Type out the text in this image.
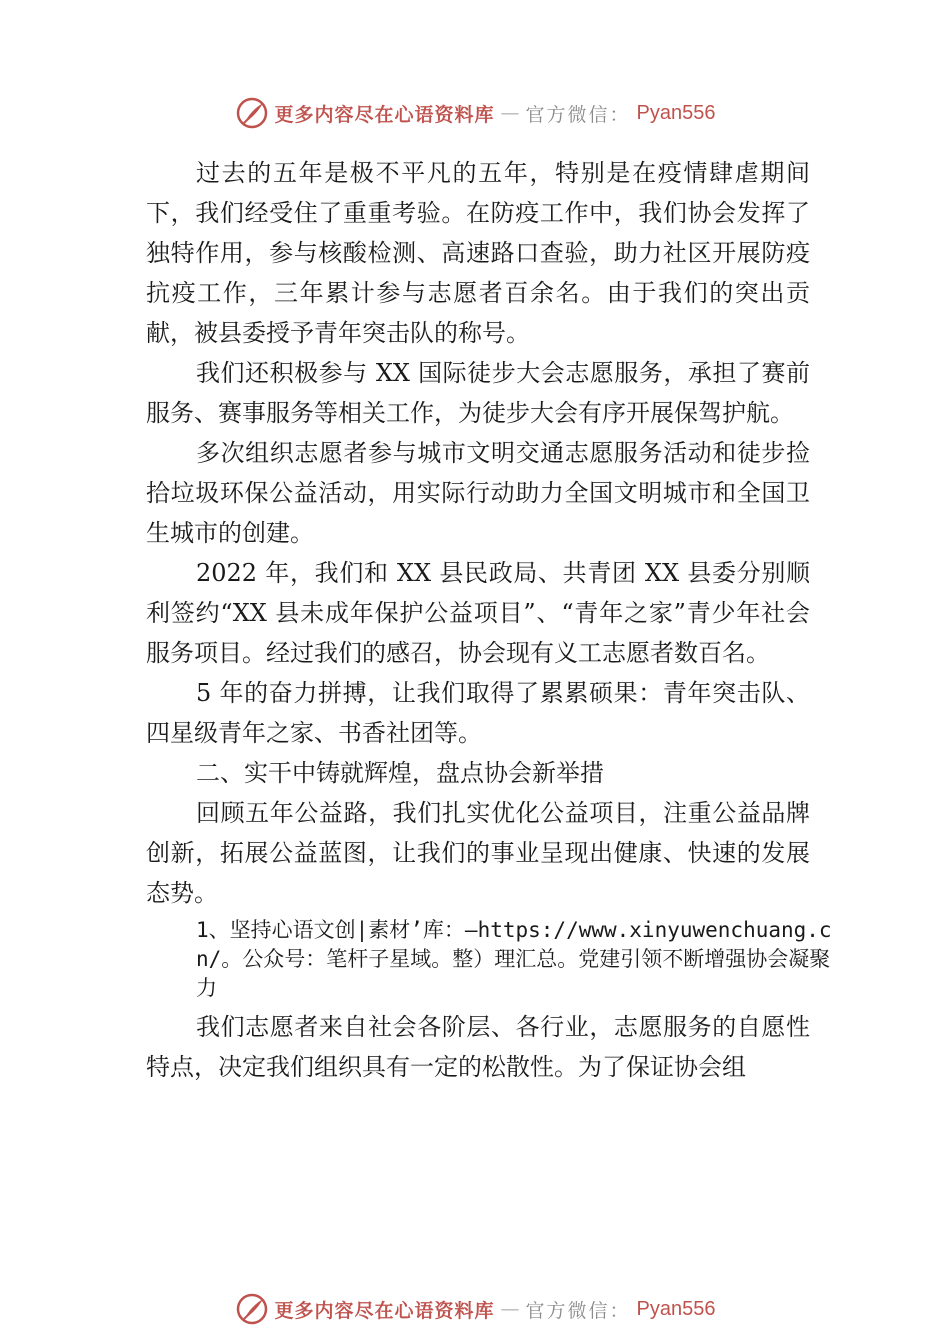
更多内容尽在心语资料库 — 官方微信： Pyan556

过去的五年是极不平凡的五年，特别是在疫情肆虐期间下，我们经受住了重重考验。在防疫工作中，我们协会发挥了独特作用，参与核酸检测、高速路口查验，助力社区开展防疫抗疫工作，三年累计参与志愿者百余名。由于我们的突出贡献，被县委授予青年突击队的称号。

我们还积极参与 XX 国际徒步大会志愿服务，承担了赛前服务、赛事服务等相关工作，为徒步大会有序开展保驾护航。

多次组织志愿者参与城市文明交通志愿服务活动和徒步捡拾垃圾环保公益活动，用实际行动助力全国文明城市和全国卫生城市的创建。

2022 年，我们和 XX 县民政局、共青团 XX 县委分别顺利签约“XX 县未成年保护公益项目”、“青年之家”青少年社会服务项目。经过我们的感召，协会现有义工志愿者数百名。

5 年的奋力拼搏，让我们取得了累累硕果：青年突击队、四星级青年之家、书香社团等。

二、实干中铸就辉煌，盘点协会新举措

回顾五年公益路，我们扎实优化公益项目，注重公益品牌创新，拓展公益蓝图，让我们的事业呈现出健康、快速的发展态势。

1、坚持心语文创|素材’库：—https://www.xinyuwenchuang.cn/。公众号：笔杆子星域。整）理汇总。党建引领不断增强协会凝聚力

我们志愿者来自社会各阶层、各行业，志愿服务的自愿性特点，决定我们组织具有一定的松散性。为了保证协会组

更多内容尽在心语资料库 — 官方微信： Pyan556
